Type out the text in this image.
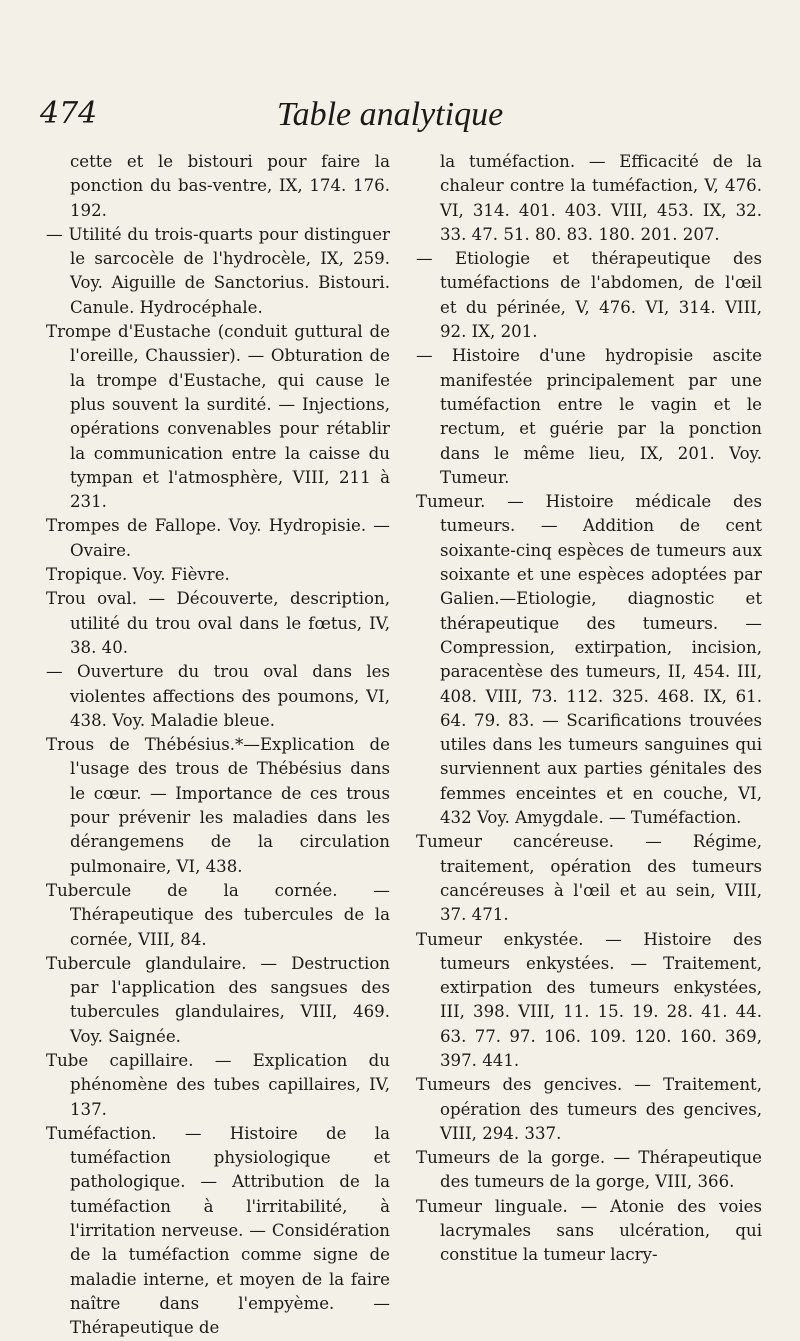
474	Table analytique

cette et le bistouri pour faire la ponction du bas-ventre, IX, 174. 176. 192.

— Utilité du trois-quarts pour distinguer le sarcocèle de l'hydrocèle, IX, 259. Voy. Aiguille de Sanctorius. Bistouri. Canule. Hydrocéphale.

Trompe d'Eustache (conduit guttural de l'oreille, Chaussier). — Obturation de la trompe d'Eustache, qui cause le plus souvent la surdité. — Injections, opérations convenables pour rétablir la communication entre la caisse du tympan et l'atmosphère, VIII, 211 à 231.

Trompes de Fallope. Voy. Hydropisie. — Ovaire.

Tropique. Voy. Fièvre.

Trou oval. — Découverte, description, utilité du trou oval dans le fœtus, IV, 38. 40.

— Ouverture du trou oval dans les violentes affections des poumons, VI, 438. Voy. Maladie bleue.

Trous de Thébésius.*—Explication de l'usage des trous de Thébésius dans le cœur. — Importance de ces trous pour prévenir les maladies dans les dérangemens de la circulation pulmonaire, VI, 438.

Tubercule de la cornée. — Thérapeutique des tubercules de la cornée, VIII, 84.

Tubercule glandulaire. — Destruction par l'application des sangsues des tubercules glandulaires, VIII, 469. Voy. Saignée.

Tube capillaire. — Explication du phénomène des tubes capillaires, IV, 137.

Tuméfaction. — Histoire de la tuméfaction physiologique et pathologique. — Attribution de la tuméfaction à l'irritabilité, à l'irritation nerveuse. — Considération de la tuméfaction comme signe de maladie interne, et moyen de la faire naître dans l'empyème. — Thérapeutique de

la tuméfaction. — Efficacité de la chaleur contre la tuméfaction, V, 476. VI, 314. 401. 403. VIII, 453. IX, 32. 33. 47. 51. 80. 83. 180. 201. 207.

— Etiologie et thérapeutique des tuméfactions de l'abdomen, de l'œil et du périnée, V, 476. VI, 314. VIII, 92. IX, 201.

— Histoire d'une hydropisie ascite manifestée principalement par une tuméfaction entre le vagin et le rectum, et guérie par la ponction dans le même lieu, IX, 201. Voy. Tumeur.

Tumeur. — Histoire médicale des tumeurs. — Addition de cent soixante-cinq espèces de tumeurs aux soixante et une espèces adoptées par Galien.—Etiologie, diagnostic et thérapeutique des tumeurs. — Compression, extirpation, incision, paracentèse des tumeurs, II, 454. III, 408. VIII, 73. 112. 325. 468. IX, 61. 64. 79. 83. — Scarifications trouvées utiles dans les tumeurs sanguines qui surviennent aux parties génitales des femmes enceintes et en couche, VI, 432 Voy. Amygdale. — Tuméfaction.

Tumeur cancéreuse. — Régime, traitement, opération des tumeurs cancéreuses à l'œil et au sein, VIII, 37. 471.

Tumeur enkystée. — Histoire des tumeurs enkystées. — Traitement, extirpation des tumeurs enkystées, III, 398. VIII, 11. 15. 19. 28. 41. 44. 63. 77. 97. 106. 109. 120. 160. 369, 397. 441.

Tumeurs des gencives. — Traitement, opération des tumeurs des gencives, VIII, 294. 337.

Tumeurs de la gorge. — Thérapeutique des tumeurs de la gorge, VIII, 366.

Tumeur linguale. — Atonie des voies lacrymales sans ulcération, qui constitue la tumeur lacry-
